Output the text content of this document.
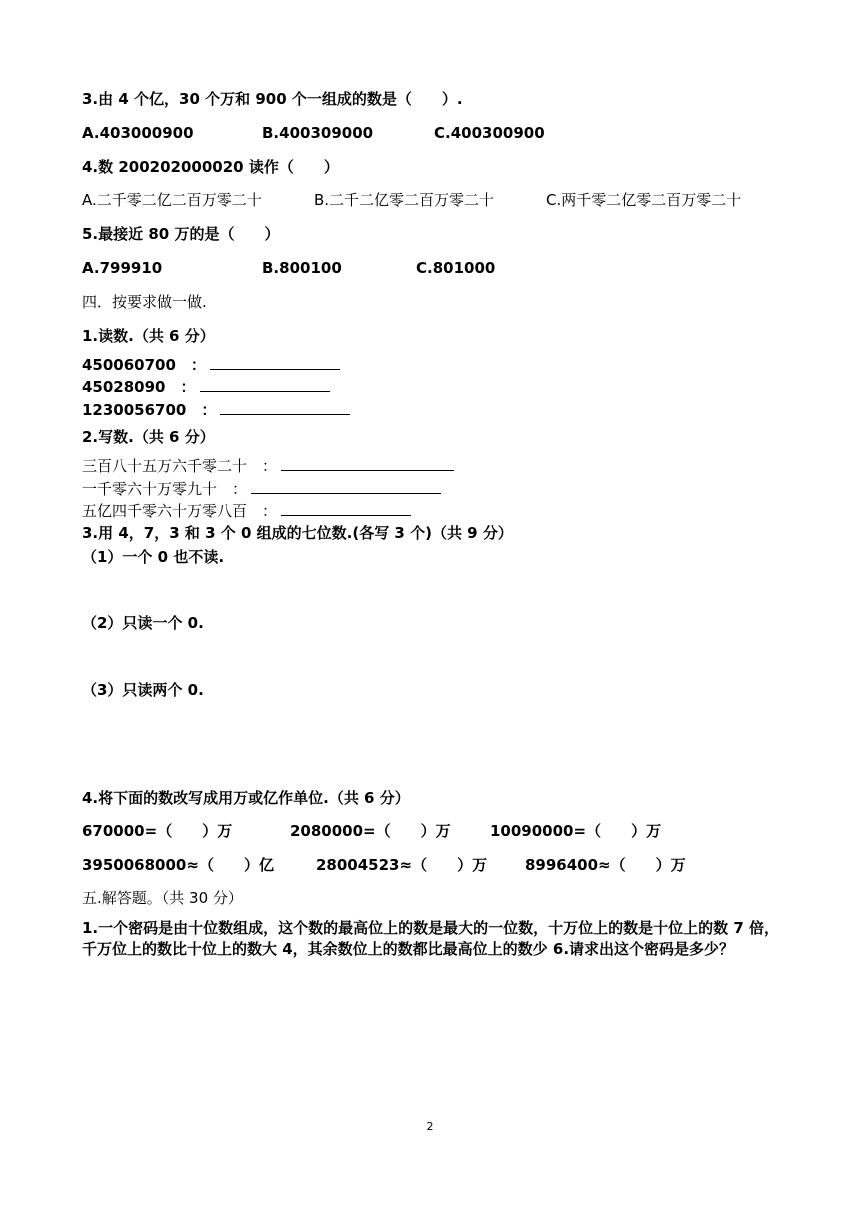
3.由 4 个亿，30 个万和 900 个一组成的数是（　　）.
A.403000900	B.400309000	C.400300900
4.数 200202000020 读作（　　）
A.二千零二亿二百万零二十	B.二千二亿零二百万零二十	C.两千零二亿零二百万零二十
5.最接近 80 万的是（　　）
A.799910	B.800100	C.801000
四．按要求做一做.
1.读数.（共 6 分）
450060700　：
45028090　：
1230056700　：
2.写数.（共 6 分）
三百八十五万六千零二十　：
一千零六十万零九十　：
五亿四千零六十万零八百　：
3.用 4，7，3 和 3 个 0 组成的七位数.(各写 3 个)（共 9 分）
（1）一个 0 也不读.
（2）只读一个 0.
（3）只读两个 0.
4.将下面的数改写成用万或亿作单位.（共 6 分）
670000=（　　）万	2080000=（　　）万	10090000=（　　）万
3950068000≈（　　）亿	28004523≈（　　）万	8996400≈（　　）万
五.解答题。（共 30 分）
1.一个密码是由十位数组成，这个数的最高位上的数是最大的一位数，十万位上的数是十位上的数 7 倍，千万位上的数比十位上的数大 4，其余数位上的数都比最高位上的数少 6.请求出这个密码是多少？
2
